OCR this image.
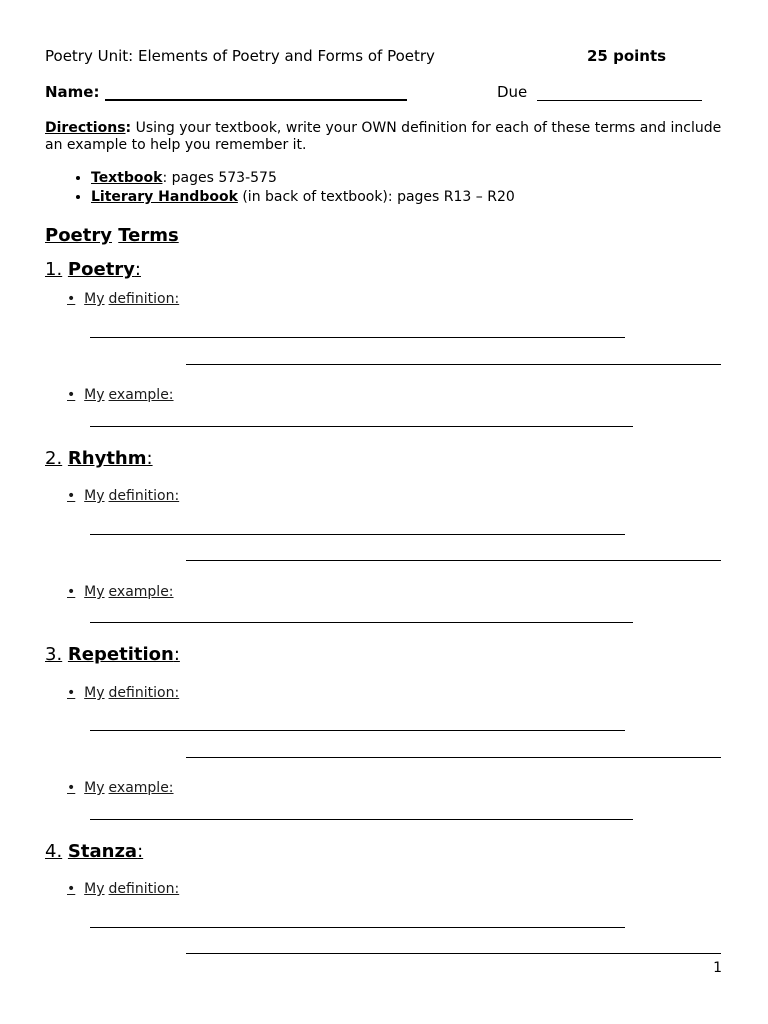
Poetry Unit: Elements of Poetry and Forms of Poetry	25 points
Name:	Due
Directions: Using your textbook, write your OWN definition for each of these terms and include an example to help you remember it.
• Textbook: pages 573-575
• Literary Handbook (in back of textbook): pages R13 – R20
Poetry Terms
1. Poetry:
• My definition:
• My example:
2. Rhythm:
• My definition:
• My example:
3. Repetition:
• My definition:
• My example:
4. Stanza:
• My definition:
1
